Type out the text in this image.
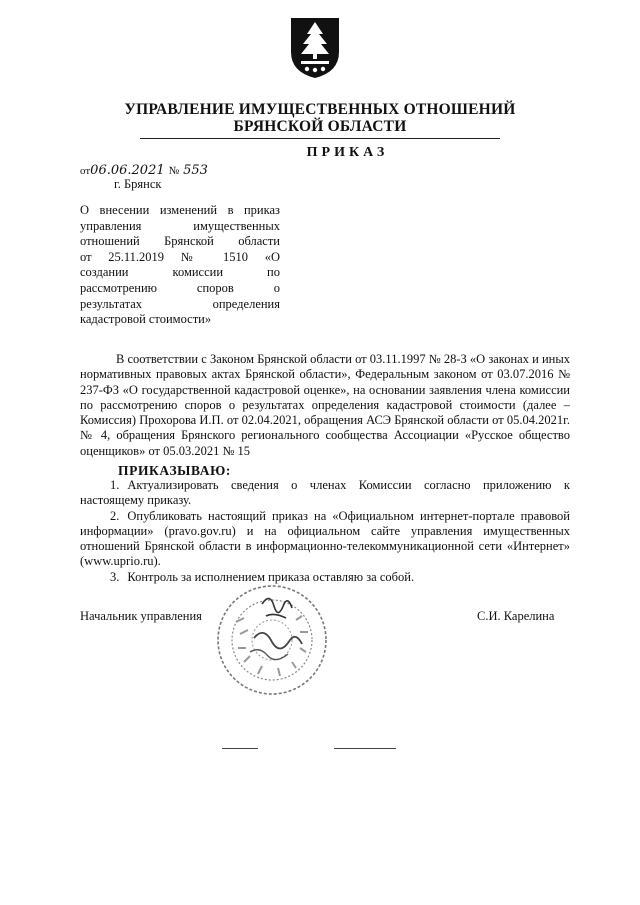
УПРАВЛЕНИЕ ИМУЩЕСТВЕННЫХ ОТНОШЕНИЙ
БРЯНСКОЙ ОБЛАСТИ
ПРИКАЗ
от06.06.2021 № 553
г. Брянск
О внесении изменений в приказ
управления имущественных
отношений Брянской области
от 25.11.2019 № 1510 «О
создании комиссии по
рассмотрению споров о
результатах определения
кадастровой стоимости»
В соответствии с Законом Брянской области от 03.11.1997 № 28-З «О законах и иных нормативных правовых актах Брянской области», Федеральным законом от 03.07.2016 № 237-ФЗ «О государственной кадастровой оценке», на основании заявления члена комиссии по рассмотрению споров о результатах определения кадастровой стоимости (далее – Комиссия) Прохорова И.П. от 02.04.2021, обращения АСЭ Брянской области от 05.04.2021г. № 4, обращения Брянского регионального сообщества Ассоциации «Русское общество оценщиков» от 05.03.2021 № 15
ПРИКАЗЫВАЮ:
1. Актуализировать сведения о членах Комиссии согласно приложению к настоящему приказу.
2. Опубликовать настоящий приказ на «Официальном интернет-портале правовой информации» (pravo.gov.ru) и на официальном сайте управления имущественных отношений Брянской области в информационно-телекоммуникационной сети «Интернет» (www.uprio.ru).
3. Контроль за исполнением приказа оставляю за собой.
Начальник управления	С.И. Карелина
